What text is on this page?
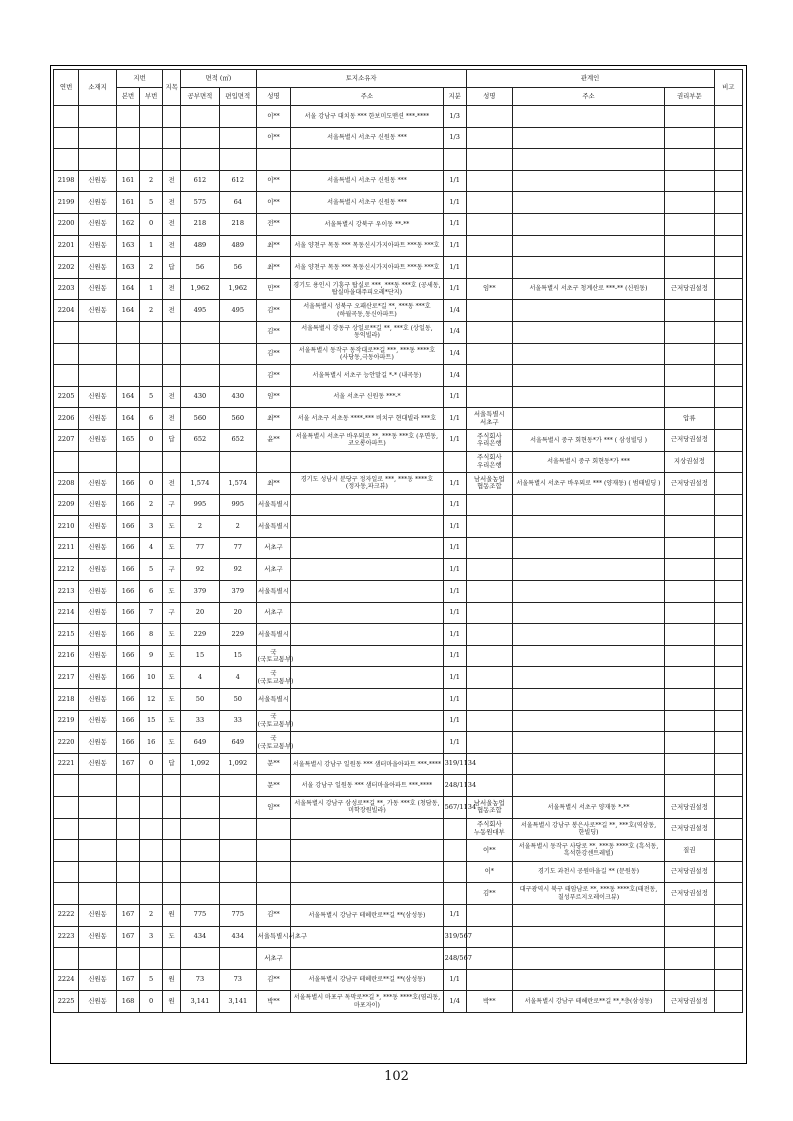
연번	소재지	지번		지목	면적 (㎡)		토지소유자			관계인			비고
		본번	부번		공부면적	편입면적	성명	주소	지분	성명	주소	권리부문	
							이**	서울 강남구 대치동 *** 한보미도맨션 ***-****	1/3				
							이**	서울특별시 서초구 신원동 ***	1/3				

2198	신원동	161	2	전	612	612	이**	서울특별시 서초구 신원동 ***	1/1				
2199	신원동	161	5	전	575	64	이**	서울특별시 서초구 신원동 ***	1/1				
2200	신원동	162	0	전	218	218	전**	서울특별시 강북구 우이동 **-**	1/1				
2201	신원동	163	1	전	489	489	최**	서울 양천구 목동 *** 목동신시가지아파트 ***동 ***호	1/1				
2202	신원동	163	2	답	56	56	최**	서울 양천구 목동 *** 목동신시가지아파트 ***동 ***호	1/1				
2203	신원동	164	1	전	1,962	1,962	민**	경기도 용인시 기흥구 탑실로 ***, ***동 ***호 (공세동,탑실마을대주피오레*단지)	1/1	임**	서울특별시 서초구 청계산로 ***-** (신원동)	근저당권설정	
2204	신원동	164	2	전	495	495	김**	서울특별시 성북구 오패산로*길 **, ***동 ***호 (하월곡동,동신아파트)	1/4				
							김**	서울특별시 강동구 상일로**길 **, ***호 (상일동,동익빌라)	1/4				
							김**	서울특별시 동작구 동작대로**길 ***, ***동 ****호 (사당동,극동아파트)	1/4				
							김**	서울특별시 서초구 능안말길 *-* (내곡동)	1/4				
2205	신원동	164	5	전	430	430	임**	서울 서초구 신원동 ***-*	1/1				
2206	신원동	164	6	전	560	560	최**	서울 서초구 서초동 ****-*** 비치구 현대빌라 ***호	1/1	서울특별시 서초구		압류	
2207	신원동	165	0	답	652	652	윤**	서울특별시 서초구 바우뫼로 **, ***동 ***호 (우면동, 코오롱아파트)	1/1	주식회사 우리은행	서울특별시 중구 회현동*가 *** ( 삼성빌딩 )	근저당권설정	
										주식회사 우리은행	서울특별시 중구 회현동*가 ***	지상권설정	
2208	신원동	166	0	전	1,574	1,574	최**	경기도 성남시 분당구 정자일로 ***, ***동 ****호(정자동,파크뷰)	1/1	남서울농업 협동조합	서울특별시 서초구 바우뫼로 *** (양재동) ( 범태빌딩 )	근저당권설정	
2209	신원동	166	2	구	995	995	서울특별시		1/1				
2210	신원동	166	3	도	2	2	서울특별시		1/1				
2211	신원동	166	4	도	77	77	서초구		1/1				
2212	신원동	166	5	구	92	92	서초구		1/1				
2213	신원동	166	6	도	379	379	서울특별시		1/1				
2214	신원동	166	7	구	20	20	서초구		1/1				
2215	신원동	166	8	도	229	229	서울특별시		1/1				
2216	신원동	166	9	도	15	15	국(국토교통부)		1/1				
2217	신원동	166	10	도	4	4	국(국토교통부)		1/1				
2218	신원동	166	12	도	50	50	서울특별시		1/1				
2219	신원동	166	15	도	33	33	국(국토교통부)		1/1				
2220	신원동	166	16	도	649	649	국(국토교통부)		1/1				
2221	신원동	167	0	답	1,092	1,092	문**	서울특별시 강남구 일원동 *** 샘터마을아파트 ***-****	319/1134				
							문**	서울 강남구 일원동 *** 샘터마을아파트 ***-****	248/1134				
							임**	서울특별시 강남구 삼성로**길 **, 가동 ***호 (청담동,미학장원빌라)	567/1134	남서울농업 협동조합	서울특별시 서초구 양재동 *-**	근저당권설정	
										주식회사 누동원대부	서울특별시 강남구 봉은사로**길 **, ***호(역삼동,한빌딩)	근저당권설정	
										이**	서울특별시 동작구 사당로 **, ***동 ****호 (흑석동,흑석한강센트레빌)	질권	
										이*	경기도 과천시 공원마을길 ** (문원동)	근저당권설정	
										김**	대구광역시 북구 태암남로 **, ***동 ****호(태전동,칠성푸르지오레이크뷰)	근저당권설정	
2222	신원동	167	2	원	775	775	김**	서울특별시 강남구 테헤란로**길 **(삼성동)	1/1				
2223	신원동	167	3	도	434	434	서울특별시서초구		319/567				
							서초구		248/567				
2224	신원동	167	5	원	73	73	김**	서울특별시 강남구 테헤란로**길 **(삼성동)	1/1				
2225	신원동	168	0	원	3,141	3,141	박**	서울특별시 마포구 독막로**길 *, ***동 ****호(염리동,마포자이)	1/4	박**	서울특별시 강남구 테헤란로**길 **,*층(삼성동)	근저당권설정	
102
